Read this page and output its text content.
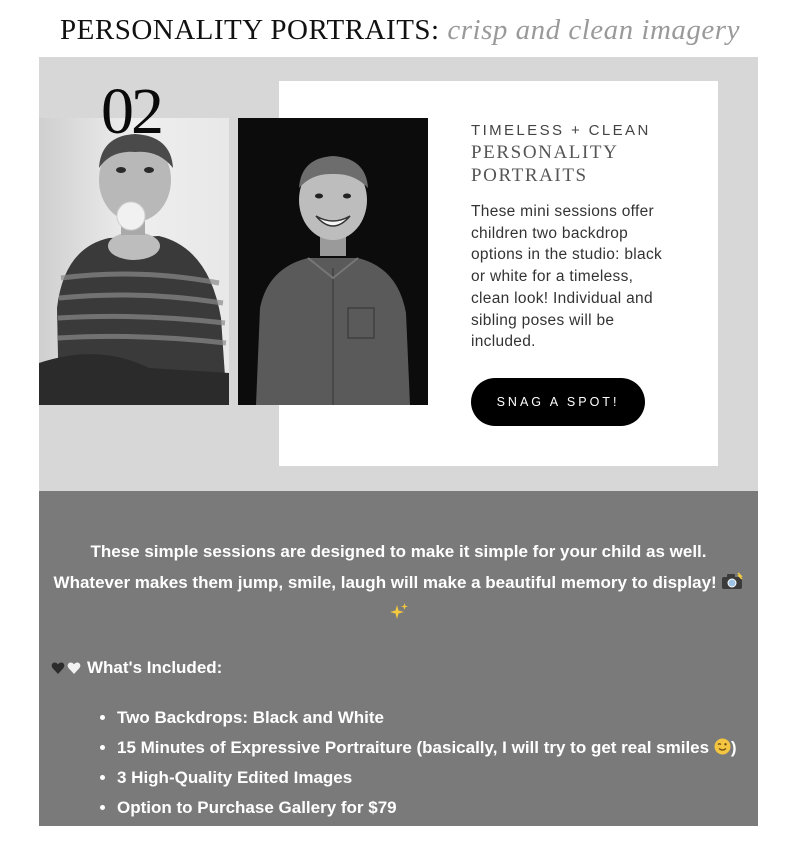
PERSONALITY PORTRAITS: crisp and clean imagery
02	TIMELESS + CLEAN

PERSONALITY PORTRAITS

These mini sessions offer children two backdrop options in the studio: black or white for a timeless, clean look! Individual and sibling poses will be included.

SNAG A SPOT!

These simple sessions are designed to make it simple for your child as well.
Whatever makes them jump, smile, laugh will make a beautiful memory to display!

What's Included:
• Two Backdrops: Black and White
• 15 Minutes of Expressive Portraiture (basically, I will try to get real smiles )
• 3 High-Quality Edited Images
• Option to Purchase Gallery for $79
